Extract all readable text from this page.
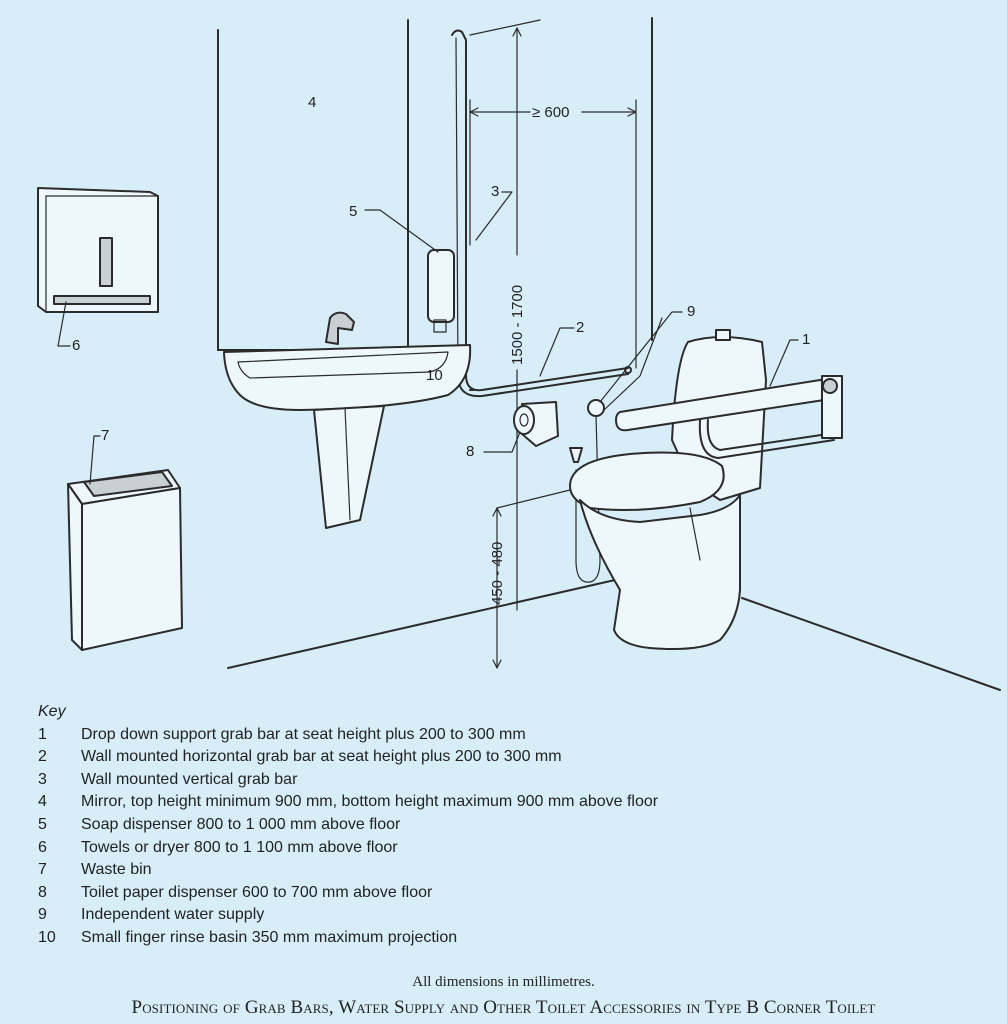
4
5
3
2
9
1
6
7
8
10
≥ 600
1500 - 1700
450 - 480
Key
1	Drop down support grab bar at seat height plus 200 to 300 mm
2	Wall mounted horizontal grab bar at seat height plus 200 to 300 mm
3	Wall mounted vertical grab bar
4	Mirror, top height minimum 900 mm, bottom height maximum 900 mm above floor
5	Soap dispenser 800 to 1 000 mm above floor
6	Towels or dryer 800 to 1 100 mm above floor
7	Waste bin
8	Toilet paper dispenser 600 to 700 mm above floor
9	Independent water supply
10	Small finger rinse basin 350 mm maximum projection
All dimensions in millimetres.
Positioning of Grab Bars, Water Supply and Other Toilet Accessories in Type B Corner Toilet
